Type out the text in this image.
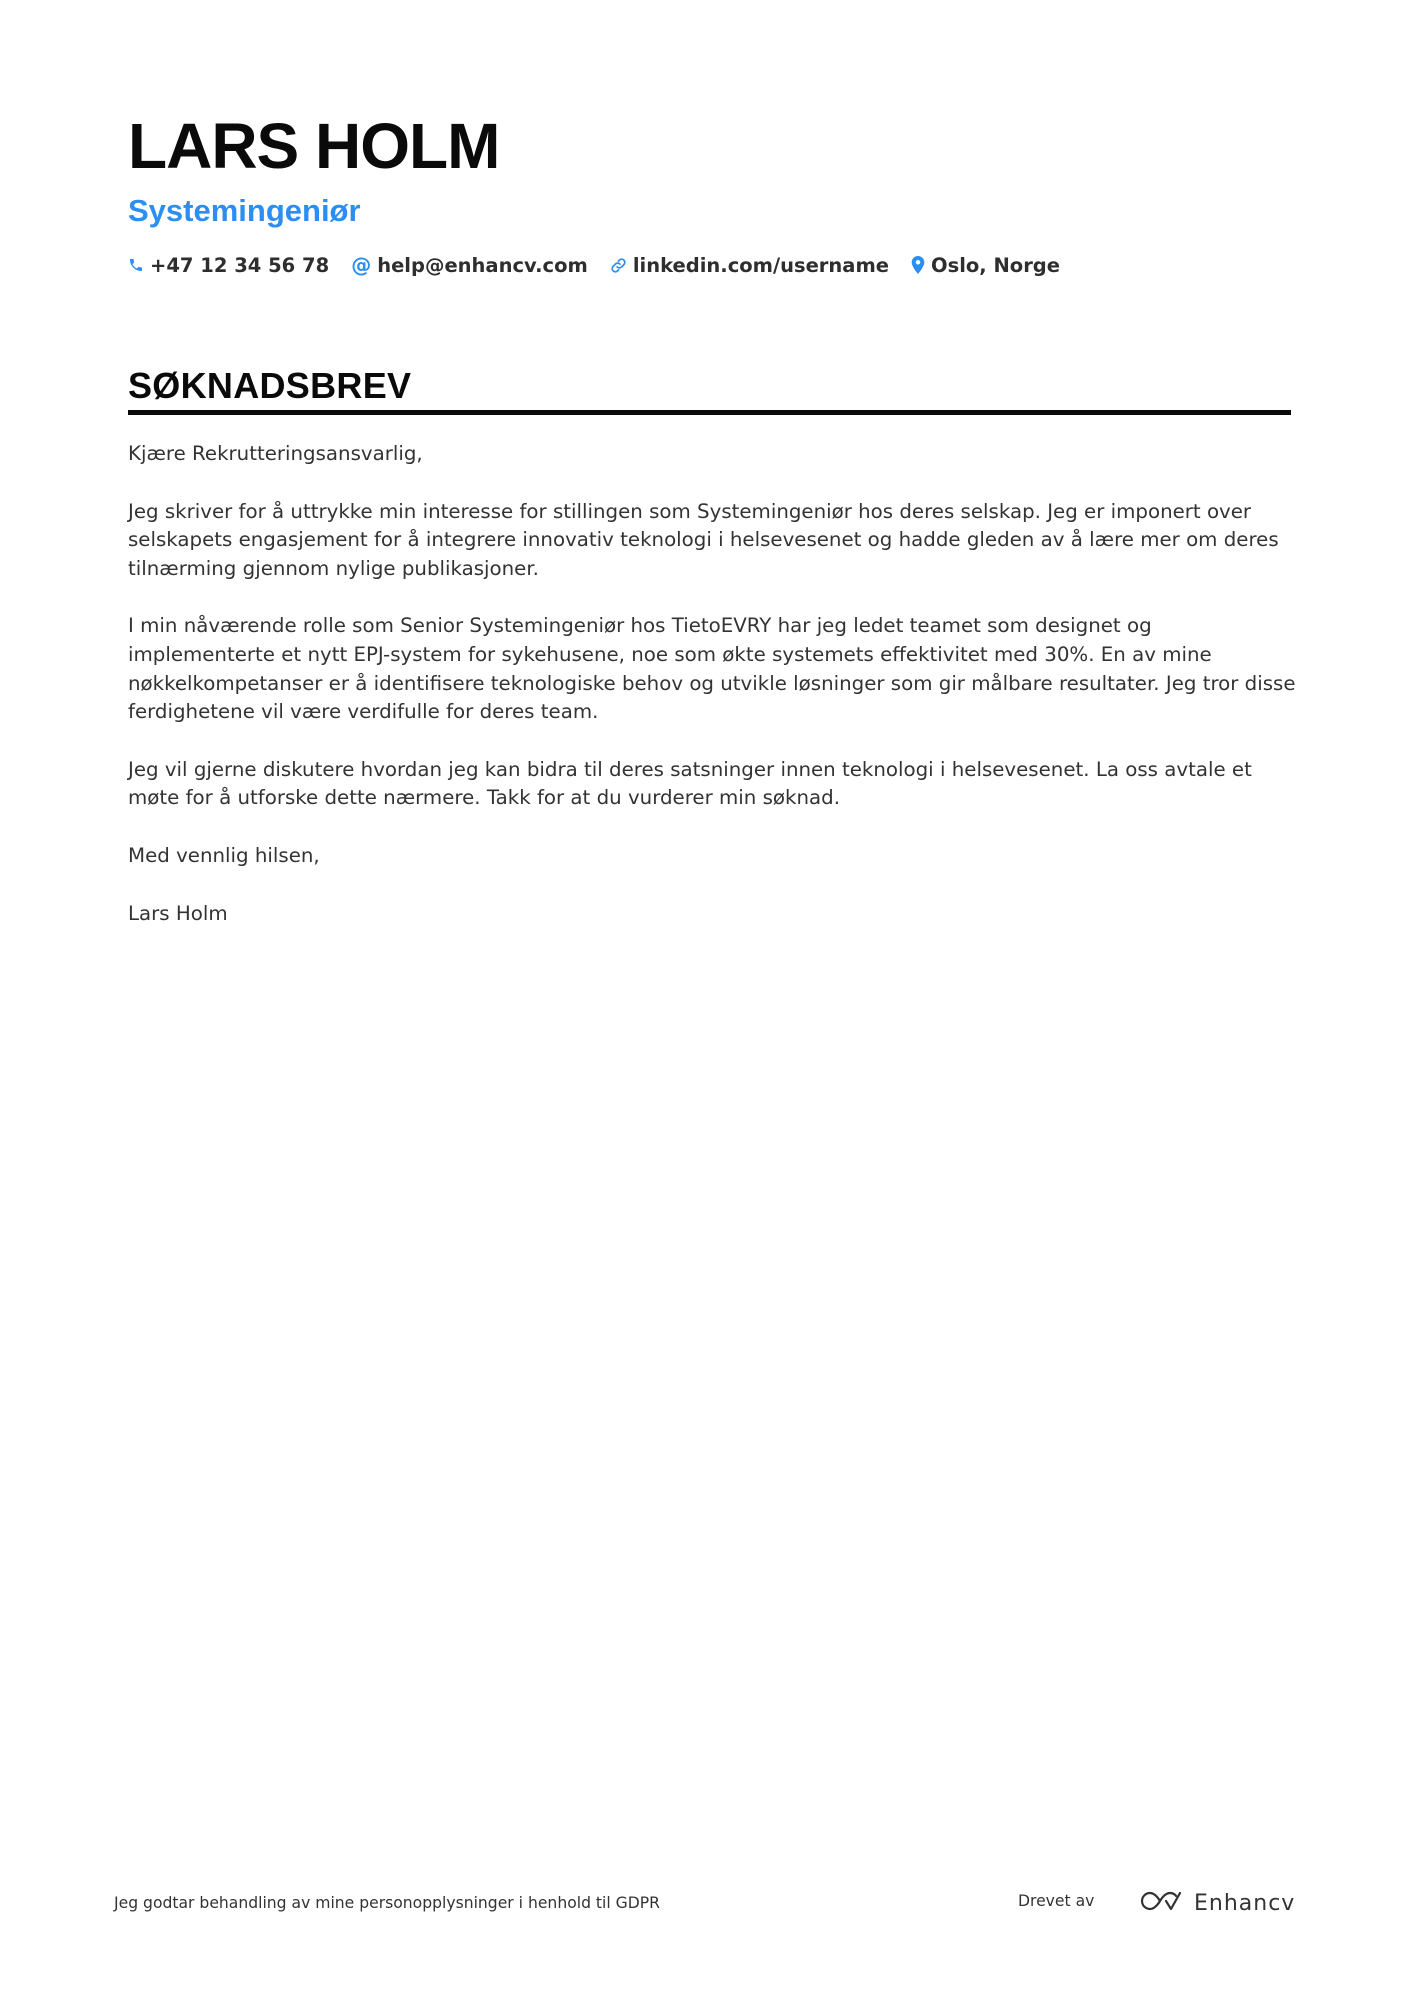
LARS HOLM
Systemingeniør
+47 12 34 56 78 @ help@enhancv.com linkedin.com/username Oslo, Norge
SØKNADSBREV

Kjære Rekrutteringsansvarlig,

Jeg skriver for å uttrykke min interesse for stillingen som Systemingeniør hos deres selskap. Jeg er imponert over selskapets engasjement for å integrere innovativ teknologi i helsevesenet og hadde gleden av å lære mer om deres tilnærming gjennom nylige publikasjoner.

I min nåværende rolle som Senior Systemingeniør hos TietoEVRY har jeg ledet teamet som designet og implementerte et nytt EPJ-system for sykehusene, noe som økte systemets effektivitet med 30%. En av mine nøkkelkompetanser er å identifisere teknologiske behov og utvikle løsninger som gir målbare resultater. Jeg tror disse ferdighetene vil være verdifulle for deres team.

Jeg vil gjerne diskutere hvordan jeg kan bidra til deres satsninger innen teknologi i helsevesenet. La oss avtale et møte for å utforske dette nærmere. Takk for at du vurderer min søknad.

Med vennlig hilsen,

Lars Holm

Jeg godtar behandling av mine personopplysninger i henhold til GDPR	Drevet av	Enhancv
